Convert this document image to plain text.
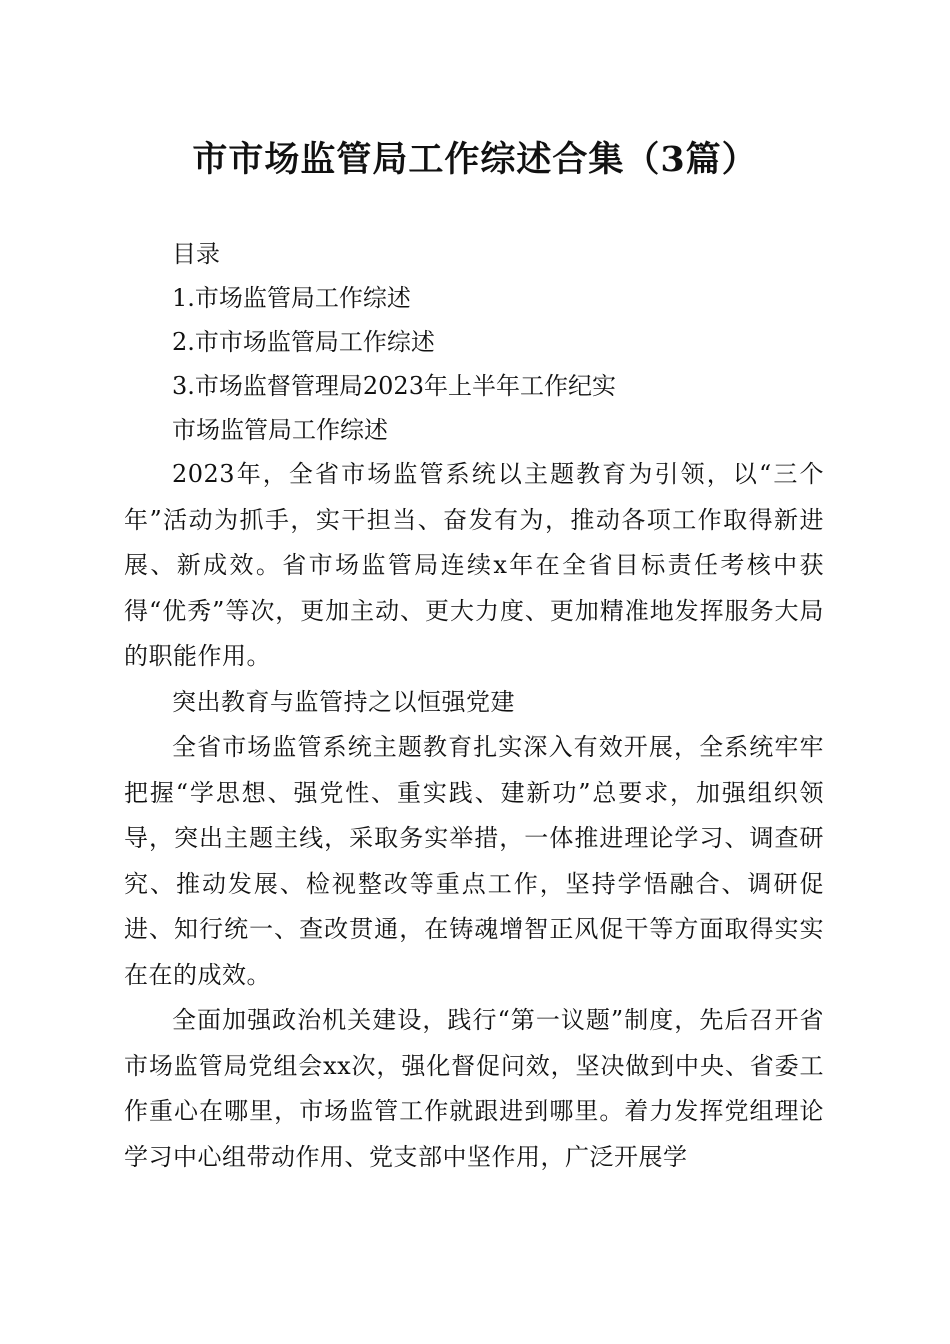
市市场监管局工作综述合集（3篇）
目录
1.市场监管局工作综述
2.市市场监管局工作综述
3.市场监督管理局2023年上半年工作纪实
市场监管局工作综述

2023年，全省市场监管系统以主题教育为引领，以“三个年”活动为抓手，实干担当、奋发有为，推动各项工作取得新进展、新成效。省市场监管局连续x年在全省目标责任考核中获得“优秀”等次，更加主动、更大力度、更加精准地发挥服务大局的职能作用。

突出教育与监管持之以恒强党建

全省市场监管系统主题教育扎实深入有效开展，全系统牢牢把握“学思想、强党性、重实践、建新功”总要求，加强组织领导，突出主题主线，采取务实举措，一体推进理论学习、调查研究、推动发展、检视整改等重点工作，坚持学悟融合、调研促进、知行统一、查改贯通，在铸魂增智正风促干等方面取得实实在在的成效。

全面加强政治机关建设，践行“第一议题”制度，先后召开省市场监管局党组会xx次，强化督促问效，坚决做到中央、省委工作重心在哪里，市场监管工作就跟进到哪里。着力发挥党组理论学习中心组带动作用、党支部中坚作用，广泛开展学
